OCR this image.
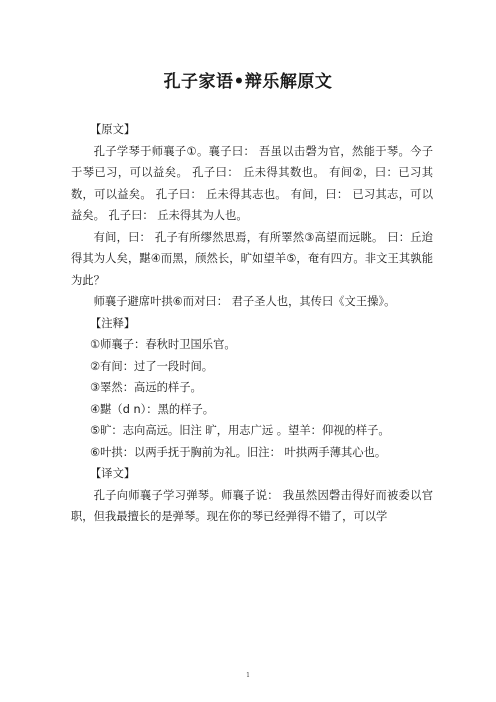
孔子家语•辩乐解原文

【原文】

孔子学琴于师襄子①。襄子曰： 吾虽以击磬为官，然能于琴。今子于琴已习，可以益矣。 孔子曰： 丘未得其数也。 有间②，曰：已习其数，可以益矣。 孔子曰： 丘未得其志也。 有间，曰： 已习其志，可以益矣。 孔子曰： 丘未得其为人也。

有间，曰： 孔子有所缪然思焉，有所睪然③高望而远眺。 曰：丘迨得其为人矣，黮④而黑，颀然长，旷如望羊⑤，奄有四方。非文王其孰能为此？

师襄子避席叶拱⑥而对曰： 君子圣人也，其传曰《文王操》。

【注释】

①师襄子：春秋时卫国乐官。

②有间：过了一段时间。

③睪然：高远的样子。

④黮（d n）：黑的样子。

⑤旷：志向高远。旧注 旷，用志广远 。望羊：仰视的样子。

⑥叶拱：以两手抚于胸前为礼。旧注： 叶拱两手薄其心也。

【译文】

孔子向师襄子学习弹琴。师襄子说： 我虽然因磬击得好而被委以官职，但我最擅长的是弹琴。现在你的琴已经弹得不错了，可以学

1
